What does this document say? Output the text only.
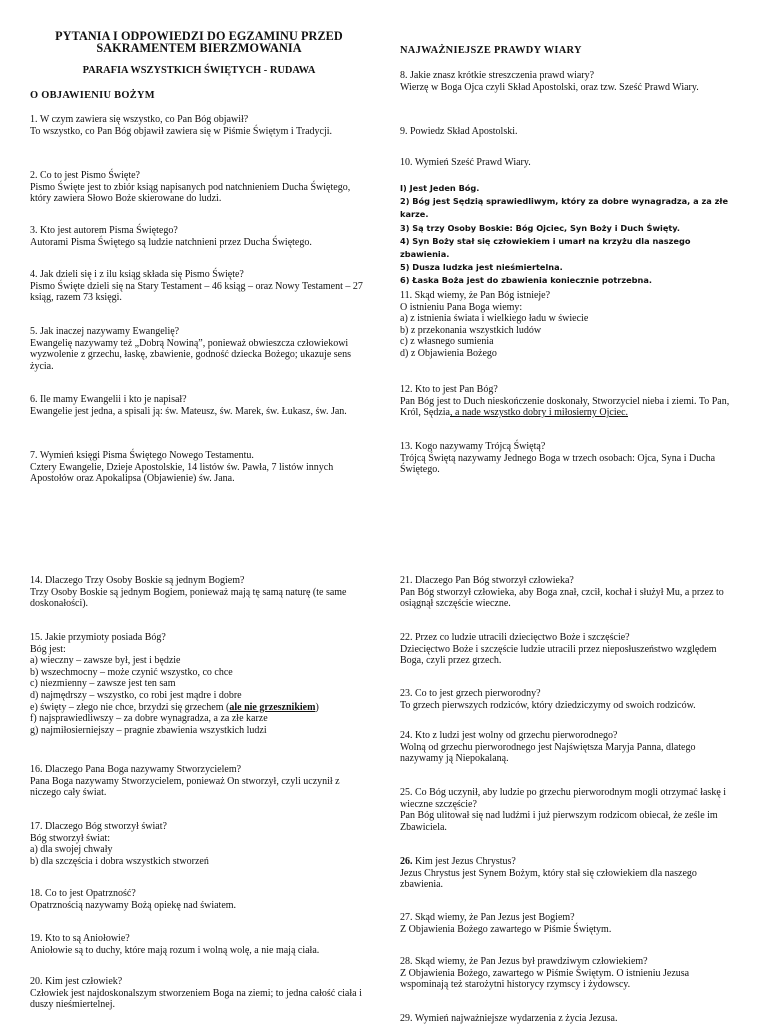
PYTANIA I ODPOWIEDZI DO EGZAMINU PRZED
SAKRAMENTEM BIERZMOWANIA
PARAFIA WSZYSTKICH ŚWIĘTYCH - RUDAWA
O OBJAWIENIU BOŻYM
1. W czym zawiera się wszystko, co Pan Bóg objawił?
To wszystko, co Pan Bóg objawił zawiera się w Piśmie Świętym i Tradycji.
2. Co to jest Pismo Święte?
Pismo Święte jest to zbiór ksiąg napisanych pod natchnieniem Ducha Świętego, który zawiera Słowo Boże skierowane do ludzi.
3. Kto jest autorem Pisma Świętego?
Autorami Pisma Świętego są ludzie natchnieni przez Ducha Świętego.
4. Jak dzieli się i z ilu ksiąg składa się Pismo Święte?
Pismo Święte dzieli się na Stary Testament – 46 ksiąg – oraz Nowy Testament – 27 ksiąg, razem 73 księgi.
5. Jak inaczej nazywamy Ewangelię?
Ewangelię nazywamy też „Dobrą Nowiną”, ponieważ obwieszcza człowiekowi wyzwolenie z grzechu, łaskę, zbawienie, godność dziecka Bożego; ukazuje sens życia.
6. Ile mamy Ewangelii i kto je napisał?
Ewangelie jest jedna, a spisali ją: św. Mateusz, św. Marek, św. Łukasz, św. Jan.
7. Wymień księgi Pisma Świętego Nowego Testamentu.
Cztery Ewangelie, Dzieje Apostolskie, 14 listów św. Pawła, 7 listów innych Apostołów oraz Apokalipsa (Objawienie) św. Jana.
NAJWAŻNIEJSZE PRAWDY WIARY
8. Jakie znasz krótkie streszczenia prawd wiary?
Wierzę w Boga Ojca czyli Skład Apostolski, oraz tzw. Sześć Prawd Wiary.
9. Powiedz Skład Apostolski.
10. Wymień Sześć Prawd Wiary.
I) Jest Jeden Bóg.
2) Bóg jest Sędzią sprawiedliwym, który za dobre wynagradza, a za złe karze.
3) Są trzy Osoby Boskie: Bóg Ojciec, Syn Boży i Duch Święty.
4) Syn Boży stał się człowiekiem i umarł na krzyżu dla naszego zbawienia.
5) Dusza ludzka jest nieśmiertelna.
6) Łaska Boża jest do zbawienia koniecznie potrzebna.
11. Skąd wiemy, że Pan Bóg istnieje?
O istnieniu Pana Boga wiemy:
a) z istnienia świata i wielkiego ładu w świecie
b) z przekonania wszystkich ludów
c) z własnego sumienia
d) z Objawienia Bożego
12. Kto to jest Pan Bóg?
Pan Bóg jest to Duch nieskończenie doskonały, Stworzyciel nieba i ziemi. To Pan, Król, Sędzia, a nade wszystko dobry i miłosierny Ojciec.
13. Kogo nazywamy Trójcą Świętą?
Trójcą Świętą nazywamy Jednego Boga w trzech osobach: Ojca, Syna i Ducha Świętego.
14. Dlaczego Trzy Osoby Boskie są jednym Bogiem?
Trzy Osoby Boskie są jednym Bogiem, ponieważ mają tę samą naturę (te same doskonałości).
15. Jakie przymioty posiada Bóg?
Bóg jest:
a) wieczny – zawsze był, jest i będzie
b) wszechmocny – może czynić wszystko, co chce
c) niezmienny – zawsze jest ten sam
d) najmędrszy – wszystko, co robi jest mądre i dobre
e) święty – złego nie chce, brzydzi się grzechem (ale nie grzesznikiem)
f) najsprawiedliwszy – za dobre wynagradza, a za złe karze
g) najmiłosierniejszy – pragnie zbawienia wszystkich ludzi
16. Dlaczego Pana Boga nazywamy Stworzycielem?
Pana Boga nazywamy Stworzycielem, ponieważ On stworzył, czyli uczynił z niczego cały świat.
17. Dlaczego Bóg stworzył świat?
Bóg stworzył świat:
a) dla swojej chwały
b) dla szczęścia i dobra wszystkich stworzeń
18. Co to jest Opatrzność?
Opatrznością nazywamy Bożą opiekę nad światem.
19. Kto to są Aniołowie?
Aniołowie są to duchy, które mają rozum i wolną wolę, a nie mają ciała.
20. Kim jest człowiek?
Człowiek jest najdoskonalszym stworzeniem Boga na ziemi; to jedna całość ciała i duszy nieśmiertelnej.
21. Dlaczego Pan Bóg stworzył człowieka?
Pan Bóg stworzył człowieka, aby Boga znał, czcił, kochał i służył Mu, a przez to osiągnął szczęście wieczne.
22. Przez co ludzie utracili dziecięctwo Boże i szczęście?
Dziecięctwo Boże i szczęście ludzie utracili przez nieposłuszeństwo względem Boga, czyli przez grzech.
23. Co to jest grzech pierworodny?
To grzech pierwszych rodziców, który dziedziczymy od swoich rodziców.
24. Kto z ludzi jest wolny od grzechu pierworodnego?
Wolną od grzechu pierworodnego jest Najświętsza Maryja Panna, dlatego nazywamy ją Niepokalaną.
25. Co Bóg uczynił, aby ludzie po grzechu pierworodnym mogli otrzymać łaskę i wieczne szczęście?
Pan Bóg ulitował się nad ludźmi i już pierwszym rodzicom obiecał, że ześle im Zbawiciela.
26. Kim jest Jezus Chrystus?
Jezus Chrystus jest Synem Bożym, który stał się człowiekiem dla naszego zbawienia.
27. Skąd wiemy, że Pan Jezus jest Bogiem?
Z Objawienia Bożego zawartego w Piśmie Świętym.
28. Skąd wiemy, że Pan Jezus był prawdziwym człowiekiem?
Z Objawienia Bożego, zawartego w Piśmie Świętym. O istnieniu Jezusa wspominają też starożytni historycy rzymscy i żydowscy.
29. Wymień najważniejsze wydarzenia z życia Jezusa.
